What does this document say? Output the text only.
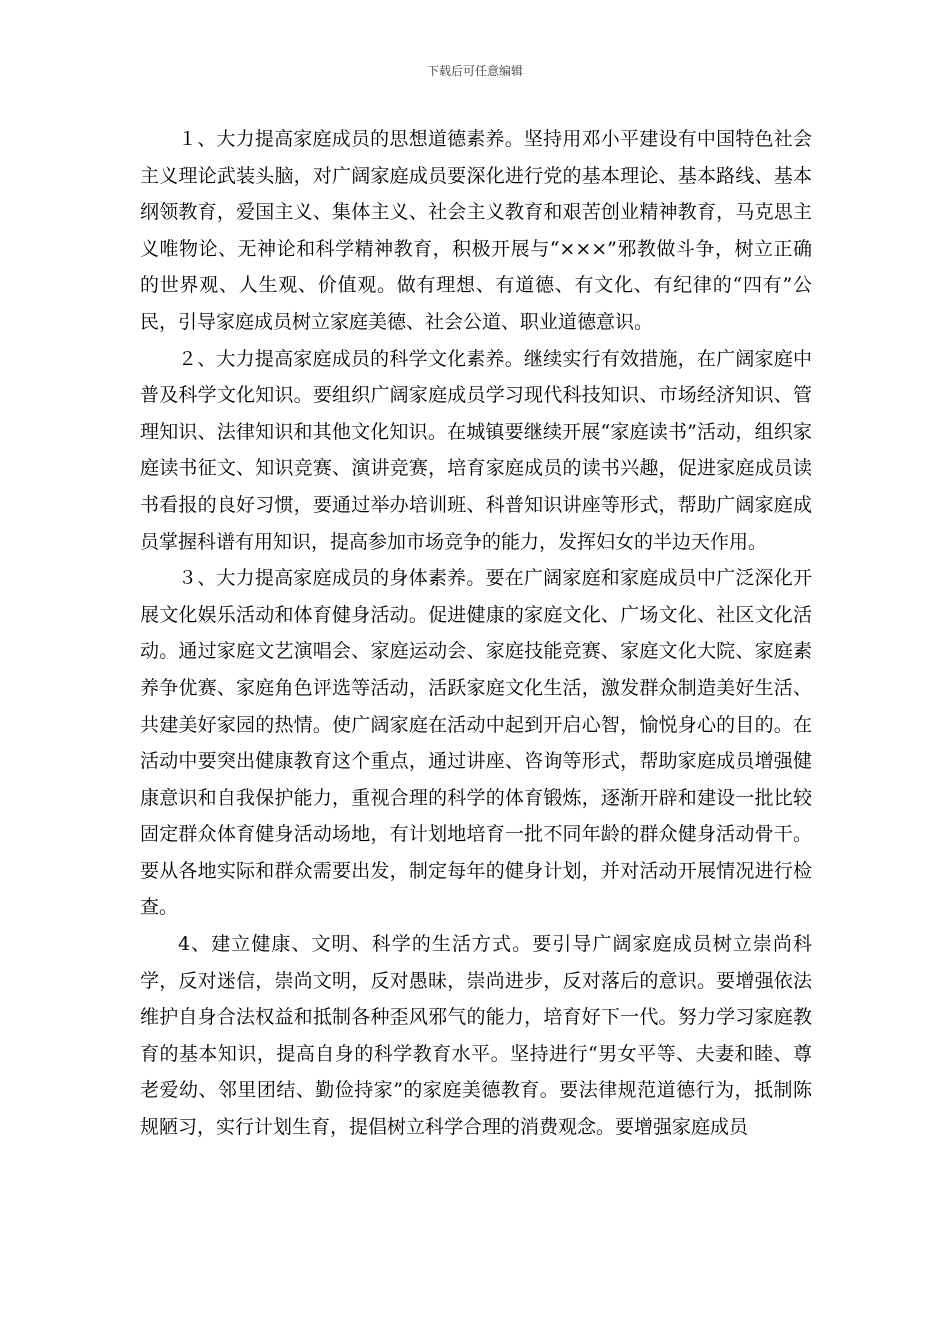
下载后可任意编辑

１、大力提高家庭成员的思想道德素养。坚持用邓小平建设有中国特色社会主义理论武装头脑，对广阔家庭成员要深化进行党的基本理论、基本路线、基本纲领教育，爱国主义、集体主义、社会主义教育和艰苦创业精神教育，马克思主义唯物论、无神论和科学精神教育，积极开展与“×××”邪教做斗争，树立正确的世界观、人生观、价值观。做有理想、有道德、有文化、有纪律的“四有”公民，引导家庭成员树立家庭美德、社会公道、职业道德意识。

２、大力提高家庭成员的科学文化素养。继续实行有效措施，在广阔家庭中普及科学文化知识。要组织广阔家庭成员学习现代科技知识、市场经济知识、管理知识、法律知识和其他文化知识。在城镇要继续开展“家庭读书”活动，组织家庭读书征文、知识竞赛、演讲竞赛，培育家庭成员的读书兴趣，促进家庭成员读书看报的良好习惯，要通过举办培训班、科普知识讲座等形式，帮助广阔家庭成员掌握科谱有用知识，提高参加市场竞争的能力，发挥妇女的半边天作用。

３、大力提高家庭成员的身体素养。要在广阔家庭和家庭成员中广泛深化开展文化娱乐活动和体育健身活动。促进健康的家庭文化、广场文化、社区文化活动。通过家庭文艺演唱会、家庭运动会、家庭技能竞赛、家庭文化大院、家庭素养争优赛、家庭角色评选等活动，活跃家庭文化生活，激发群众制造美好生活、共建美好家园的热情。使广阔家庭在活动中起到开启心智，愉悦身心的目的。在活动中要突出健康教育这个重点，通过讲座、咨询等形式，帮助家庭成员增强健康意识和自我保护能力，重视合理的科学的体育锻炼，逐渐开辟和建设一批比较固定群众体育健身活动场地，有计划地培育一批不同年龄的群众健身活动骨干。要从各地实际和群众需要出发，制定每年的健身计划，并对活动开展情况进行检查。

4、建立健康、文明、科学的生活方式。要引导广阔家庭成员树立崇尚科学，反对迷信，崇尚文明，反对愚昧，崇尚进步，反对落后的意识。要增强依法维护自身合法权益和抵制各种歪风邪气的能力，培育好下一代。努力学习家庭教育的基本知识，提高自身的科学教育水平。坚持进行“男女平等、夫妻和睦、尊老爱幼、邻里团结、勤俭持家”的家庭美德教育。要法律规范道德行为，抵制陈规陋习，实行计划生育，提倡树立科学合理的消费观念。要增强家庭成员
